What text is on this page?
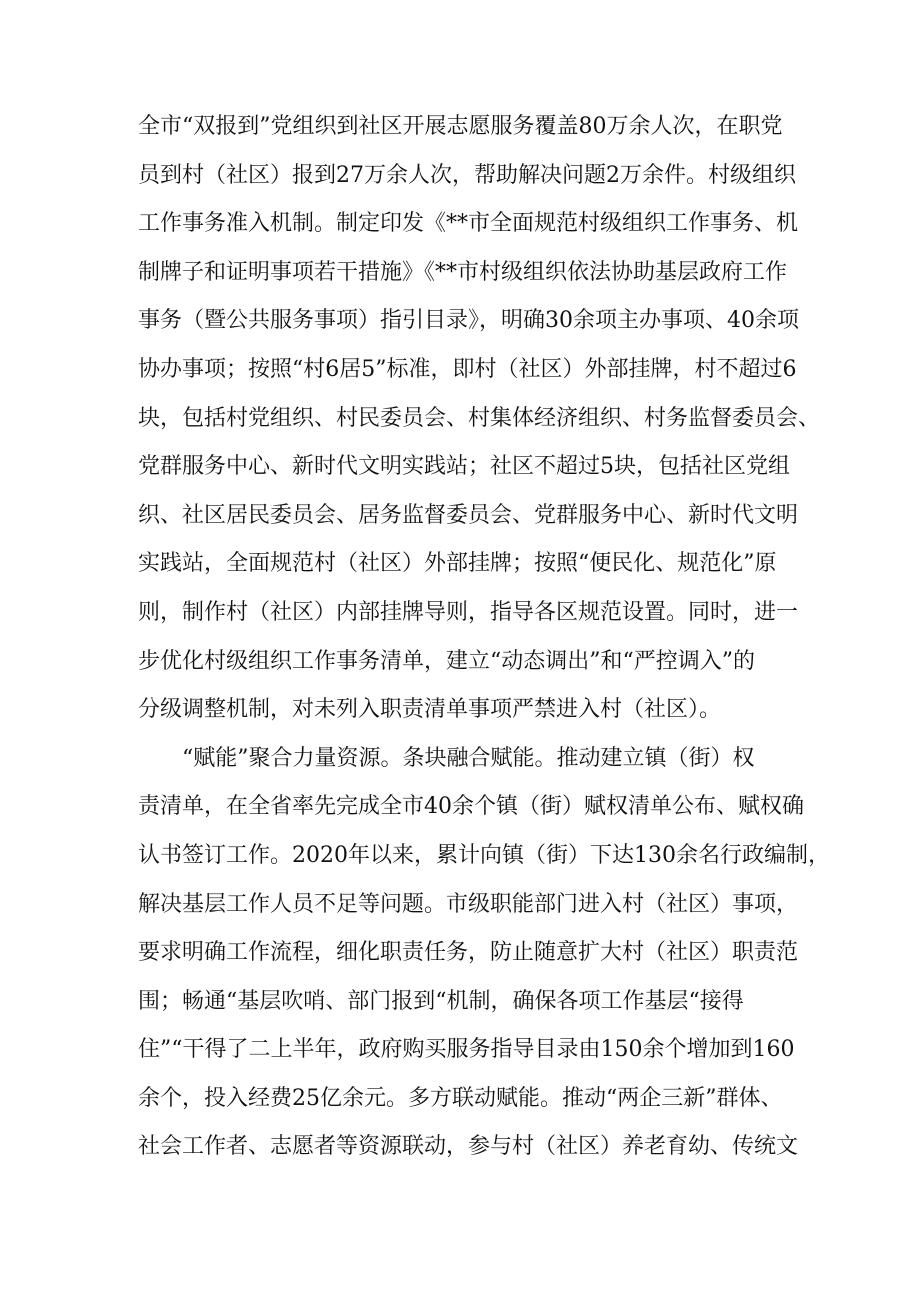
全市“双报到”党组织到社区开展志愿服务覆盖80万余人次，在职党
员到村（社区）报到27万余人次，帮助解决问题2万余件。村级组织
工作事务准入机制。制定印发《**市全面规范村级组织工作事务、机
制牌子和证明事项若干措施》《**市村级组织依法协助基层政府工作
事务（暨公共服务事项）指引目录》，明确30余项主办事项、40余项
协办事项；按照“村6居5”标准，即村（社区）外部挂牌，村不超过6
块，包括村党组织、村民委员会、村集体经济组织、村务监督委员会、
党群服务中心、新时代文明实践站；社区不超过5块，包括社区党组
织、社区居民委员会、居务监督委员会、党群服务中心、新时代文明
实践站，全面规范村（社区）外部挂牌；按照“便民化、规范化”原
则，制作村（社区）内部挂牌导则，指导各区规范设置。同时，进一
步优化村级组织工作事务清单，建立“动态调出”和“严控调入”的
分级调整机制，对未列入职责清单事项严禁进入村（社区）。
“赋能”聚合力量资源。条块融合赋能。推动建立镇（街）权
责清单，在全省率先完成全市40余个镇（街）赋权清单公布、赋权确
认书签订工作。2020年以来，累计向镇（街）下达130余名行政编制，
解决基层工作人员不足等问题。市级职能部门进入村（社区）事项，
要求明确工作流程，细化职责任务，防止随意扩大村（社区）职责范
围；畅通“基层吹哨、部门报到“机制，确保各项工作基层“接得
住”“干得了二上半年，政府购买服务指导目录由150余个增加到160
余个，投入经费25亿余元。多方联动赋能。推动“两企三新”群体、
社会工作者、志愿者等资源联动，参与村（社区）养老育幼、传统文
